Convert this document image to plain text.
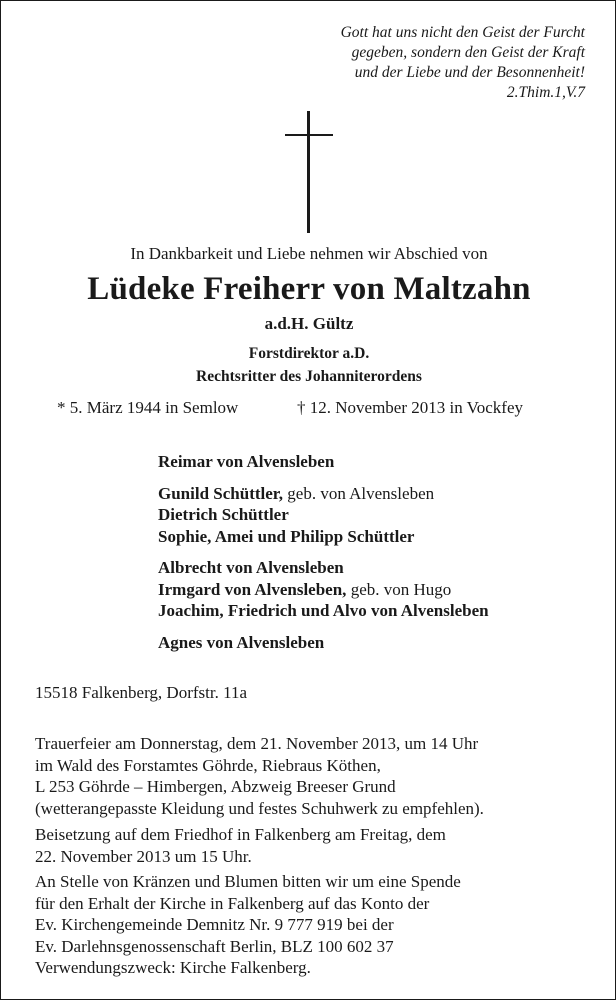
Gott hat uns nicht den Geist der Furcht
gegeben, sondern den Geist der Kraft
und der Liebe und der Besonnenheit!
2.Thim.1,V.7
In Dankbarkeit und Liebe nehmen wir Abschied von
Lüdeke Freiherr von Maltzahn
a.d.H. Gültz
Forstdirektor a.D.
Rechtsritter des Johanniterordens
* 5. März 1944 in Semlow	† 12. November 2013 in Vockfey
Reimar von Alvensleben
Gunild Schüttler, geb. von Alvensleben
Dietrich Schüttler
Sophie, Amei und Philipp Schüttler
Albrecht von Alvensleben
Irmgard von Alvensleben, geb. von Hugo
Joachim, Friedrich und Alvo von Alvensleben
Agnes von Alvensleben
15518 Falkenberg, Dorfstr. 11a
Trauerfeier am Donnerstag, dem 21. November 2013, um 14 Uhr
im Wald des Forstamtes Göhrde, Riebraus Köthen,
L 253 Göhrde – Himbergen, Abzweig Breeser Grund
(wetterangepasste Kleidung und festes Schuhwerk zu empfehlen).
Beisetzung auf dem Friedhof in Falkenberg am Freitag, dem
22. November 2013 um 15 Uhr.
An Stelle von Kränzen und Blumen bitten wir um eine Spende
für den Erhalt der Kirche in Falkenberg auf das Konto der
Ev. Kirchengemeinde Demnitz Nr. 9 777 919 bei der
Ev. Darlehnsgenossenschaft Berlin, BLZ 100 602 37
Verwendungszweck: Kirche Falkenberg.
